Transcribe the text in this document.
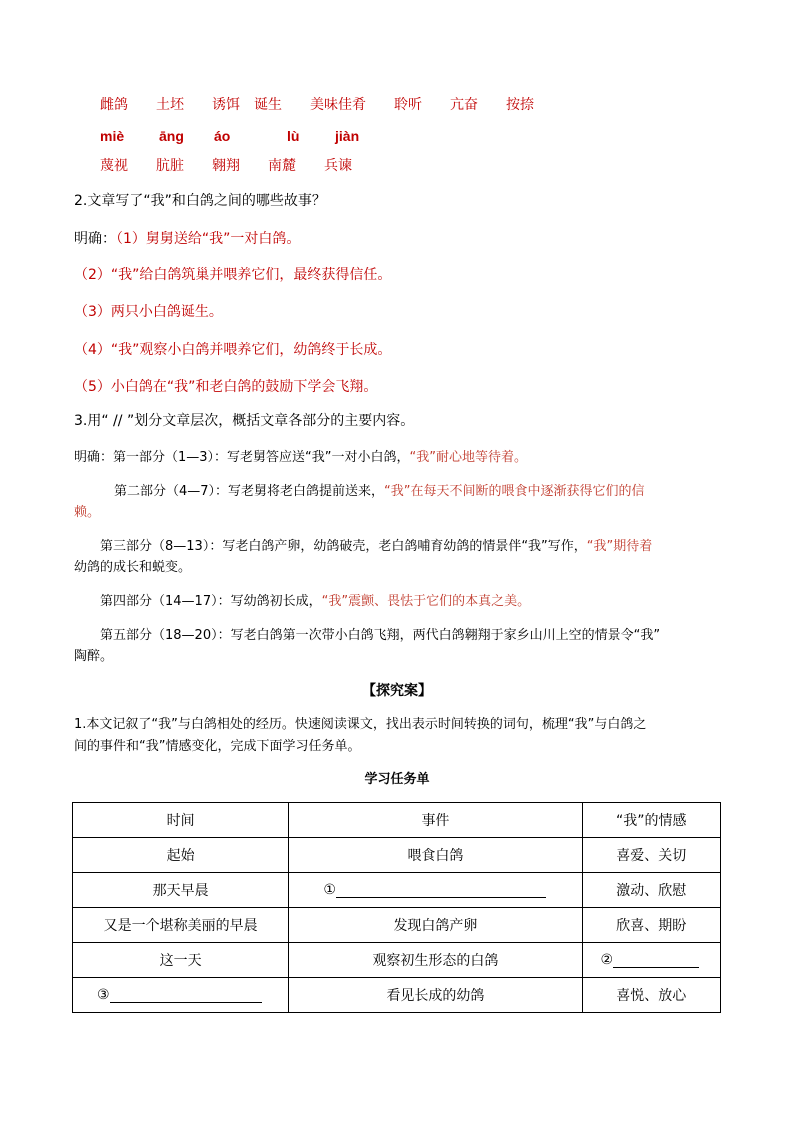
雌鸽 土坯 诱饵 诞生 美味佳肴 聆听 亢奋 按捺
miè āng áo	lù	jiàn
蔑视 肮脏 翱翔 南麓 兵谏
2.文章写了“我”和白鸽之间的哪些故事？
明确：（1）舅舅送给“我”一对白鸽。
（2）“我”给白鸽筑巢并喂养它们，最终获得信任。
（3）两只小白鸽诞生。
（4）“我”观察小白鸽并喂养它们，幼鸽终于长成。
（5）小白鸽在“我”和老白鸽的鼓励下学会飞翔。
3.用“ // ”划分文章层次，概括文章各部分的主要内容。
明确：第一部分（1—3）：写老舅答应送“我”一对小白鸽，“我”耐心地等待着。
第二部分（4—7）：写老舅将老白鸽提前送来，“我”在每天不间断的喂食中逐渐获得它们的信
赖。
第三部分（8—13）：写老白鸽产卵，幼鸽破壳，老白鸽哺育幼鸽的情景伴“我”写作，“我”期待着
幼鸽的成长和蜕变。
第四部分（14—17）：写幼鸽初长成，“我”震颤、畏怯于它们的本真之美。
第五部分（18—20）：写老白鸽第一次带小白鸽飞翔，两代白鸽翱翔于家乡山川上空的情景令“我”
陶醉。
【探究案】
1.本文记叙了“我”与白鸽相处的经历。快速阅读课文，找出表示时间转换的词句，梳理“我”与白鸽之
间的事件和“我”情感变化，完成下面学习任务单。
学习任务单
时间	事件	“我”的情感
起始	喂食白鸽	喜爱、关切
那天早晨	①	激动、欣慰
又是一个堪称美丽的早晨	发现白鸽产卵	欣喜、期盼
这一天	观察初生形态的白鸽	②
③	看见长成的幼鸽	喜悦、放心
